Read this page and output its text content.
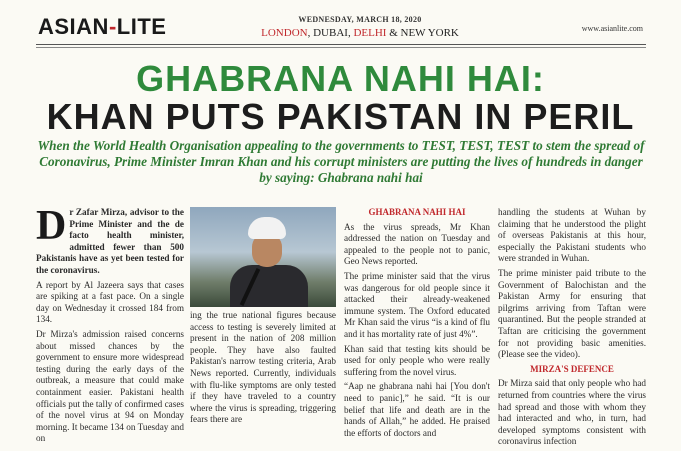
ASIAN-LITE	WEDNESDAY, MARCH 18, 2020
LONDON, DUBAI, DELHI & NEW YORK	www.asianlite.com
GHABRANA NAHI HAI:
KHAN PUTS PAKISTAN IN PERIL
When the World Health Organisation appealing to the governments to TEST, TEST, TEST to stem the spread of Coronavirus, Prime Minister Imran Khan and his corrupt ministers are putting the lives of hundreds in danger by saying: Ghabrana nahi hai

Dr Zafar Mirza, advisor to the Prime Minister and the de facto health minister, admitted fewer than 500 Pakistanis have as yet been tested for the coronavirus.

A report by Al Jazeera says that cases are spiking at a fast pace. On a single day on Wednesday it crossed 184 from 134.

Dr Mirza's admission raised concerns about missed chances by the government to ensure more widespread testing during the early days of the outbreak, a measure that could make containment easier. Pakistani health officials put the tally of confirmed cases of the novel virus at 94 on Monday morning. It became 134 on Tuesday and on

ing the true national figures because access to testing is severely limited at present in the nation of 208 million people. They have also faulted Pakistan's narrow testing criteria, Arab News reported. Currently, individuals with flu-like symptoms are only tested if they have traveled to a country where the virus is spreading, triggering fears there are

GHABRANA NAHI HAI

As the virus spreads, Mr Khan addressed the nation on Tuesday and appealed to the people not to panic, Geo News reported.

The prime minister said that the virus was dangerous for old people since it attacked their already-weakened immune system. The Oxford educated Mr Khan said the virus “is a kind of flu and it has mortality rate of just 4%”.

Khan said that testing kits should be used for only people who were really suffering from the novel virus.

“Aap ne ghabrana nahi hai [You don't need to panic],” he said. “It is our belief that life and death are in the hands of Allah,” he added. He praised the efforts of doctors and

handling the students at Wuhan by claiming that he understood the plight of overseas Pakistanis at this hour, especially the Pakistani students who were stranded in Wuhan.

The prime minister paid tribute to the Government of Balochistan and the Pakistan Army for ensuring that pilgrims arriving from Taftan were quarantined. But the people stranded at Taftan are criticising the government for not providing basic amenities. (Please see the video).

MIRZA'S DEFENCE

Dr Mirza said that only people who had returned from countries where the virus had spread and those with whom they had interacted and who, in turn, had developed symptoms consistent with coronavirus infection
